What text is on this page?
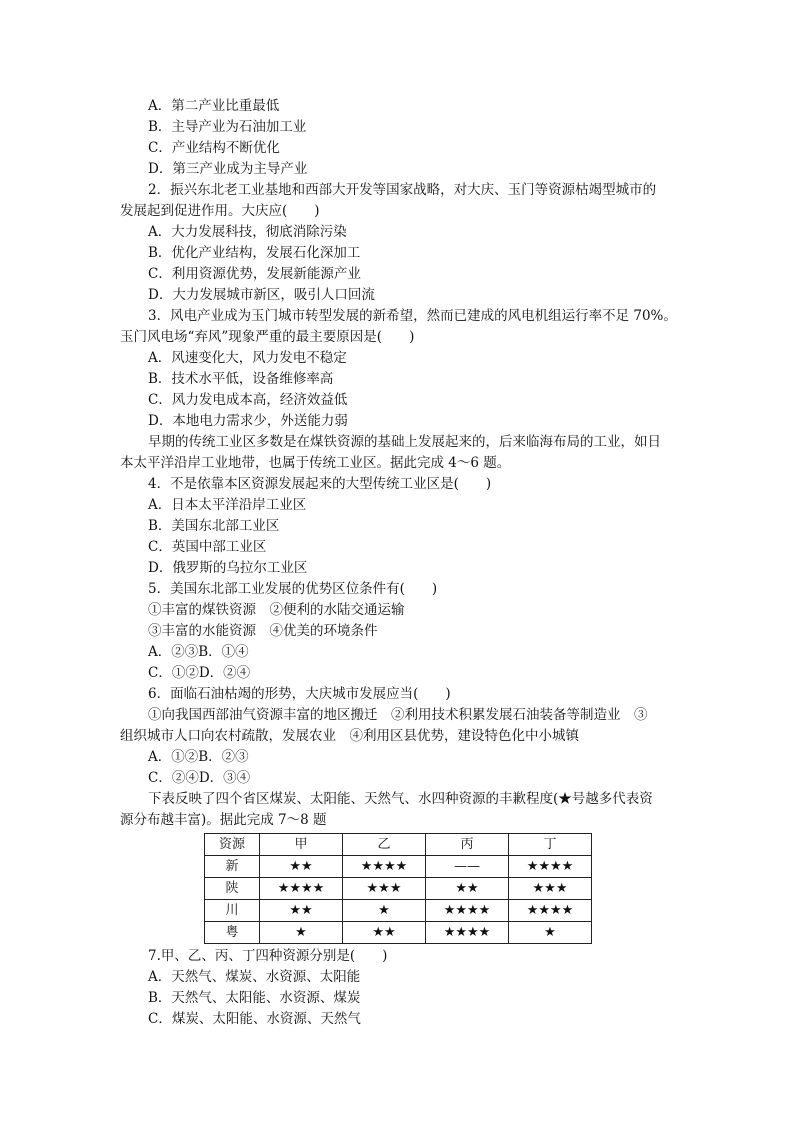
A．第二产业比重最低
B．主导产业为石油加工业
C．产业结构不断优化
D．第三产业成为主导产业
2．振兴东北老工业基地和西部大开发等国家战略，对大庆、玉门等资源枯竭型城市的
发展起到促进作用。大庆应(　　)
A．大力发展科技，彻底消除污染
B．优化产业结构，发展石化深加工
C．利用资源优势，发展新能源产业
D．大力发展城市新区，吸引人口回流
3．风电产业成为玉门城市转型发展的新希望，然而已建成的风电机组运行率不足 70%。
玉门风电场“弃风”现象严重的最主要原因是(　　)
A．风速变化大，风力发电不稳定
B．技术水平低，设备维修率高
C．风力发电成本高，经济效益低
D．本地电力需求少，外送能力弱
早期的传统工业区多数是在煤铁资源的基础上发展起来的，后来临海布局的工业，如日
本太平洋沿岸工业地带，也属于传统工业区。据此完成 4～6 题。
4．不是依靠本区资源发展起来的大型传统工业区是(　　)
A．日本太平洋沿岸工业区
B．美国东北部工业区
C．英国中部工业区
D．俄罗斯的乌拉尔工业区
5．美国东北部工业发展的优势区位条件有(　　)
①丰富的煤铁资源　②便利的水陆交通运输
③丰富的水能资源　④优美的环境条件
A．②③B．①④
C．①②D．②④
6．面临石油枯竭的形势，大庆城市发展应当(　　)
①向我国西部油气资源丰富的地区搬迁　②利用技术积累发展石油装备等制造业　③
组织城市人口向农村疏散，发展农业　④利用区县优势，建设特色化中小城镇
A．①②B．②③
C．②④D．③④
下表反映了四个省区煤炭、太阳能、天然气、水四种资源的丰歉程度(★号越多代表资
源分布越丰富)。据此完成 7～8 题
资源	甲	乙	丙	丁
新	★★	★★★★	——	★★★★
陕	★★★★	★★★	★★	★★★
川	★★	★	★★★★	★★★★
粤	★	★★	★★★★	★
7.甲、乙、丙、丁四种资源分别是(　　)
A．天然气、煤炭、水资源、太阳能
B．天然气、太阳能、水资源、煤炭
C．煤炭、太阳能、水资源、天然气
